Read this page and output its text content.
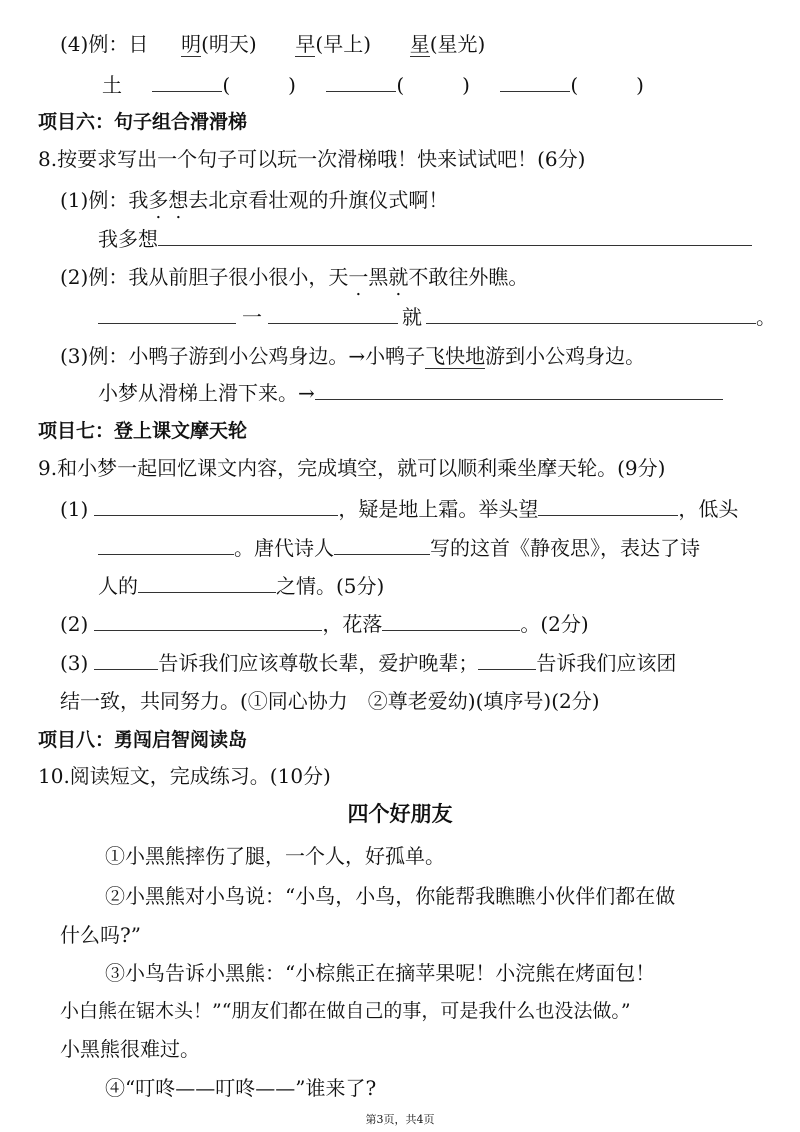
(4)例：日 明(明天) 早(早上) 星(星光)
土	(	)	(	)	(	)
项目六：句子组合滑滑梯
8.按要求写出一个句子可以玩一次滑梯哦！快来试试吧！(6分)
(1)例：我多想去北京看壮观的升旗仪式啊！
我多想
(2)例：我从前胆子很小很小，天一黑就不敢往外瞧。
一	就	。
(3)例：小鸭子游到小公鸡身边。→小鸭子飞快地游到小公鸡身边。
小梦从滑梯上滑下来。→
项目七：登上课文摩天轮
9.和小梦一起回忆课文内容，完成填空，就可以顺利乘坐摩天轮。(9分)
(1)	，疑是地上霜。举头望	，低头
。唐代诗人	写的这首《静夜思》，表达了诗
人的	之情。(5分)
(2)	，花落	。(2分)
(3)	告诉我们应该尊敬长辈，爱护晚辈；	告诉我们应该团
结一致，共同努力。(①同心协力　②尊老爱幼)(填序号)(2分)
项目八：勇闯启智阅读岛
10.阅读短文，完成练习。(10分)
四个好朋友
①小黑熊摔伤了腿，一个人，好孤单。
②小黑熊对小鸟说：“小鸟，小鸟，你能帮我瞧瞧小伙伴们都在做
什么吗?”
③小鸟告诉小黑熊：“小棕熊正在摘苹果呢！小浣熊在烤面包！
小白熊在锯木头！”“朋友们都在做自己的事，可是我什么也没法做。”
小黑熊很难过。
④“叮咚——叮咚——”谁来了?
第3页，共4页
